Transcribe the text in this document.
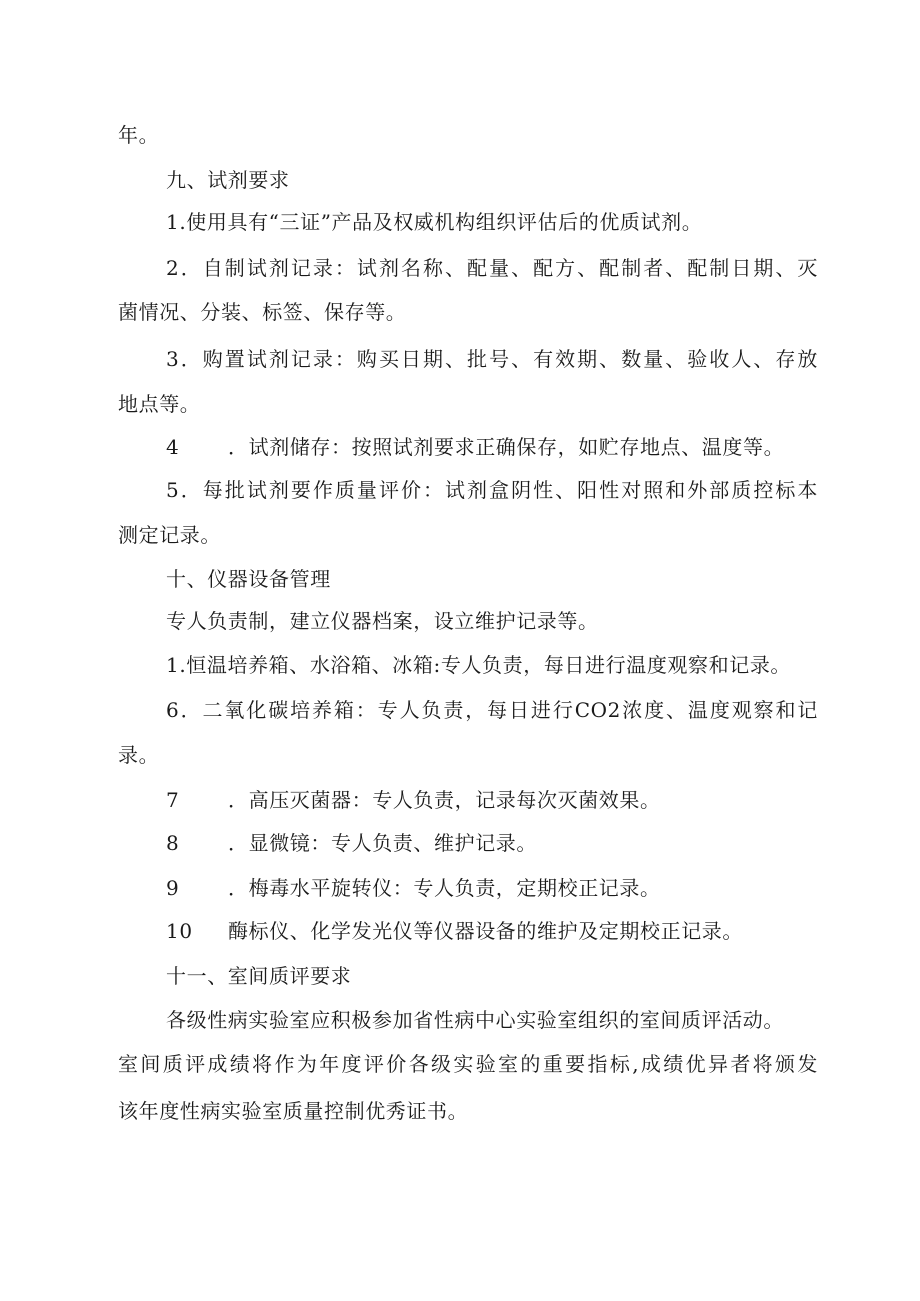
年。
九、试剂要求
1.使用具有“三证”产品及权威机构组织评估后的优质试剂。
2．自制试剂记录：试剂名称、配量、配方、配制者、配制日期、灭
菌情况、分装、标签、保存等。
3．购置试剂记录：购买日期、批号、有效期、数量、验收人、存放
地点等。
4 ．试剂储存：按照试剂要求正确保存，如贮存地点、温度等。
5．每批试剂要作质量评价：试剂盒阴性、阳性对照和外部质控标本
测定记录。
十、仪器设备管理
专人负责制，建立仪器档案，设立维护记录等。
1.恒温培养箱、水浴箱、冰箱:专人负责，每日进行温度观察和记录。
6．二氧化碳培养箱：专人负责，每日进行CO2浓度、温度观察和记
录。
7 ．高压灭菌器：专人负责，记录每次灭菌效果。
8 ．显微镜：专人负责、维护记录。
9 ．梅毒水平旋转仪：专人负责，定期校正记录。
10 酶标仪、化学发光仪等仪器设备的维护及定期校正记录。
十一、室间质评要求
各级性病实验室应积极参加省性病中心实验室组织的室间质评活动。
室间质评成绩将作为年度评价各级实验室的重要指标,成绩优异者将颁发
该年度性病实验室质量控制优秀证书。
